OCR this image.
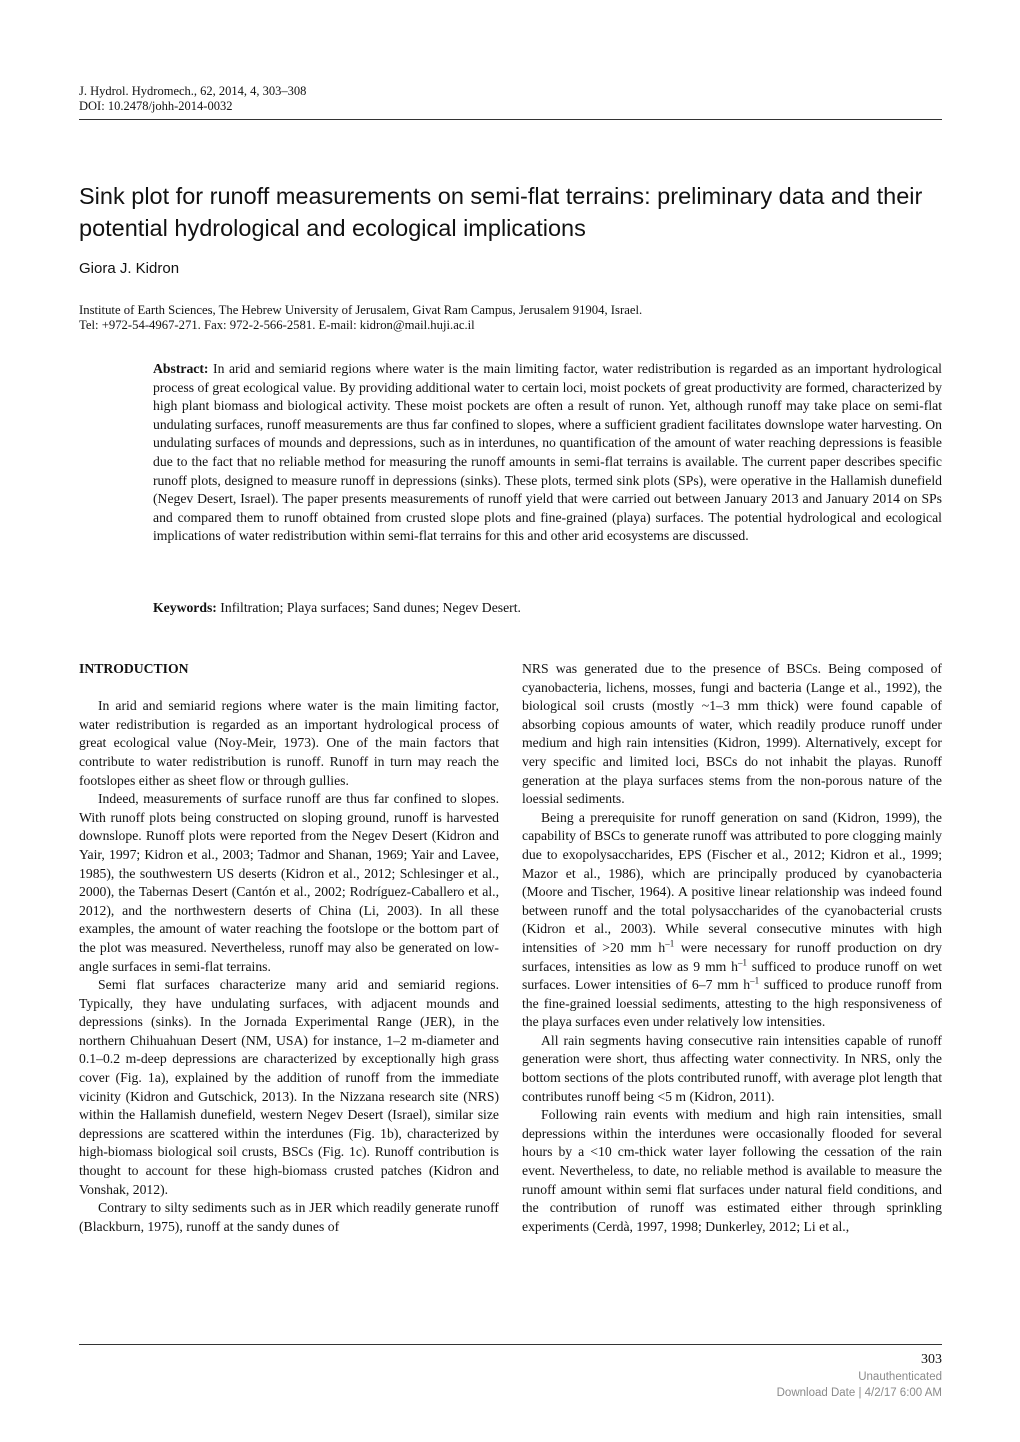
J. Hydrol. Hydromech., 62, 2014, 4, 303–308
DOI: 10.2478/johh-2014-0032
Sink plot for runoff measurements on semi-flat terrains: preliminary data and their potential hydrological and ecological implications
Giora J. Kidron
Institute of Earth Sciences, The Hebrew University of Jerusalem, Givat Ram Campus, Jerusalem 91904, Israel.
Tel: +972-54-4967-271. Fax: 972-2-566-2581. E-mail: kidron@mail.huji.ac.il
Abstract: In arid and semiarid regions where water is the main limiting factor, water redistribution is regarded as an important hydrological process of great ecological value. By providing additional water to certain loci, moist pockets of great productivity are formed, characterized by high plant biomass and biological activity. These moist pockets are often a result of runon. Yet, although runoff may take place on semi-flat undulating surfaces, runoff measurements are thus far confined to slopes, where a sufficient gradient facilitates downslope water harvesting. On undulating surfaces of mounds and depressions, such as in interdunes, no quantification of the amount of water reaching depressions is feasible due to the fact that no reliable method for measuring the runoff amounts in semi-flat terrains is available. The current paper describes specific runoff plots, designed to measure runoff in depressions (sinks). These plots, termed sink plots (SPs), were operative in the Hallamish dunefield (Negev Desert, Israel). The paper presents measurements of runoff yield that were carried out between January 2013 and January 2014 on SPs and compared them to runoff obtained from crusted slope plots and fine-grained (playa) surfaces. The potential hydrological and ecological implications of water redistribution within semi-flat terrains for this and other arid ecosystems are discussed.
Keywords: Infiltration; Playa surfaces; Sand dunes; Negev Desert.
INTRODUCTION

In arid and semiarid regions where water is the main limiting factor, water redistribution is regarded as an important hydrological process of great ecological value (Noy-Meir, 1973). One of the main factors that contribute to water redistribution is runoff. Runoff in turn may reach the footslopes either as sheet flow or through gullies.

Indeed, measurements of surface runoff are thus far confined to slopes. With runoff plots being constructed on sloping ground, runoff is harvested downslope. Runoff plots were reported from the Negev Desert (Kidron and Yair, 1997; Kidron et al., 2003; Tadmor and Shanan, 1969; Yair and Lavee, 1985), the southwestern US deserts (Kidron et al., 2012; Schlesinger et al., 2000), the Tabernas Desert (Cantón et al., 2002; Rodríguez-Caballero et al., 2012), and the northwestern deserts of China (Li, 2003). In all these examples, the amount of water reaching the footslope or the bottom part of the plot was measured. Nevertheless, runoff may also be generated on low-angle surfaces in semi-flat terrains.

Semi flat surfaces characterize many arid and semiarid regions. Typically, they have undulating surfaces, with adjacent mounds and depressions (sinks). In the Jornada Experimental Range (JER), in the northern Chihuahuan Desert (NM, USA) for instance, 1–2 m-diameter and 0.1–0.2 m-deep depressions are characterized by exceptionally high grass cover (Fig. 1a), explained by the addition of runoff from the immediate vicinity (Kidron and Gutschick, 2013). In the Nizzana research site (NRS) within the Hallamish dunefield, western Negev Desert (Israel), similar size depressions are scattered within the interdunes (Fig. 1b), characterized by high-biomass biological soil crusts, BSCs (Fig. 1c). Runoff contribution is thought to account for these high-biomass crusted patches (Kidron and Vonshak, 2012).

Contrary to silty sediments such as in JER which readily generate runoff (Blackburn, 1975), runoff at the sandy dunes of

NRS was generated due to the presence of BSCs. Being composed of cyanobacteria, lichens, mosses, fungi and bacteria (Lange et al., 1992), the biological soil crusts (mostly ~1–3 mm thick) were found capable of absorbing copious amounts of water, which readily produce runoff under medium and high rain intensities (Kidron, 1999). Alternatively, except for very specific and limited loci, BSCs do not inhabit the playas. Runoff generation at the playa surfaces stems from the non-porous nature of the loessial sediments.

Being a prerequisite for runoff generation on sand (Kidron, 1999), the capability of BSCs to generate runoff was attributed to pore clogging mainly due to exopolysaccharides, EPS (Fischer et al., 2012; Kidron et al., 1999; Mazor et al., 1986), which are principally produced by cyanobacteria (Moore and Tischer, 1964). A positive linear relationship was indeed found between runoff and the total polysaccharides of the cyanobacterial crusts (Kidron et al., 2003). While several consecutive minutes with high intensities of >20 mm $h^{-1}$ were necessary for runoff production on dry surfaces, intensities as low as 9 mm $h^{-1}$ sufficed to produce runoff on wet surfaces. Lower intensities of 6–7 mm $h^{-1}$ sufficed to produce runoff from the fine-grained loessial sediments, attesting to the high responsiveness of the playa surfaces even under relatively low intensities.

All rain segments having consecutive rain intensities capable of runoff generation were short, thus affecting water connectivity. In NRS, only the bottom sections of the plots contributed runoff, with average plot length that contributes runoff being <5 m (Kidron, 2011).

Following rain events with medium and high rain intensities, small depressions within the interdunes were occasionally flooded for several hours by a <10 cm-thick water layer following the cessation of the rain event. Nevertheless, to date, no reliable method is available to measure the runoff amount within semi flat surfaces under natural field conditions, and the contribution of runoff was estimated either through sprinkling experiments (Cerdà, 1997, 1998; Dunkerley, 2012; Li et al.,

303
Unauthenticated
Download Date | 4/2/17 6:00 AM
